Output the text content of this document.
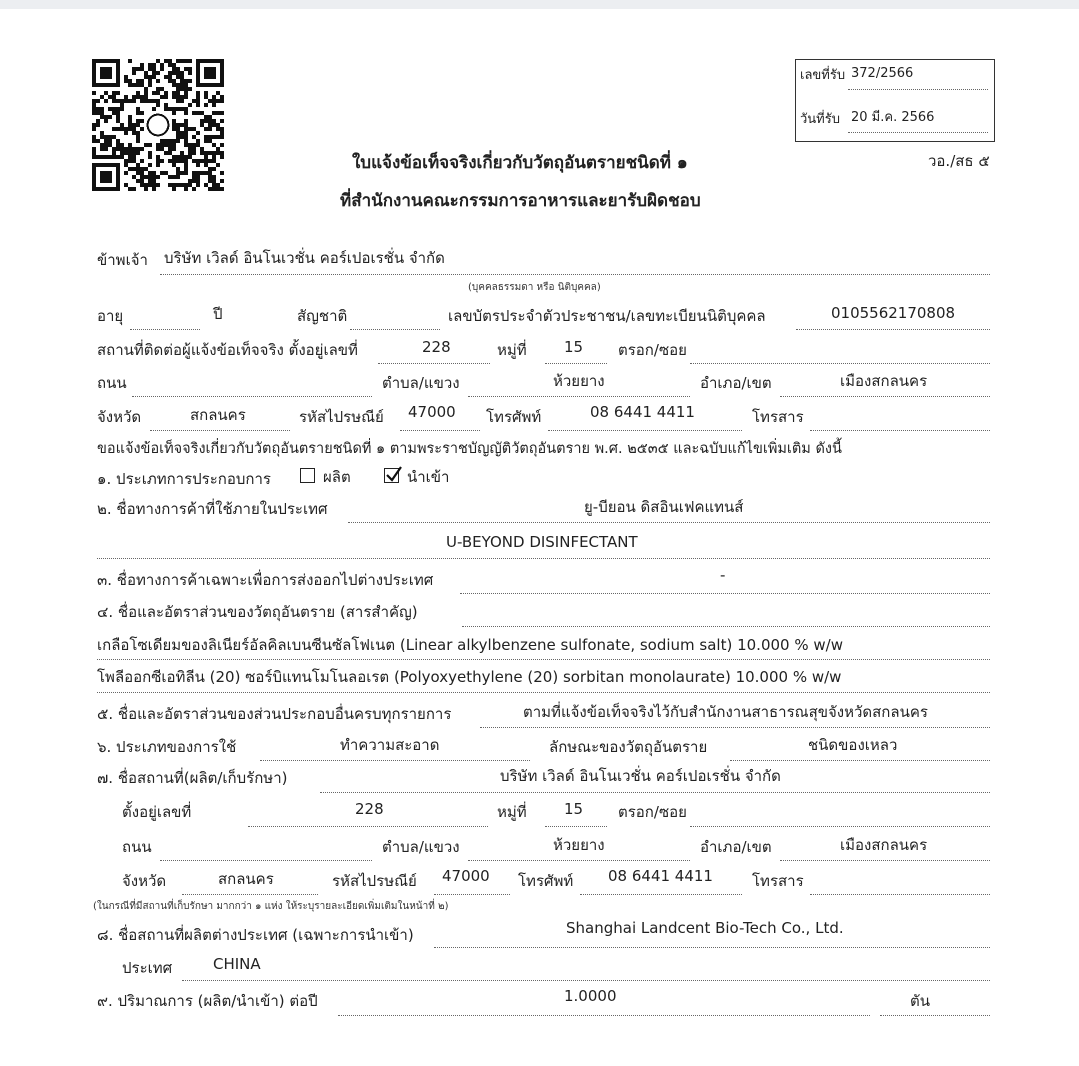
เลขที่รับ 372/2566
วันที่รับ 20 มี.ค. 2566
วอ./สธ ๕
ใบแจ้งข้อเท็จจริงเกี่ยวกับวัตถุอันตรายชนิดที่ ๑
ที่สำนักงานคณะกรรมการอาหารและยารับผิดชอบ
ข้าพเจ้า บริษัท เวิลด์ อินโนเวชั่น คอร์เปอเรชั่น จำกัด
(บุคคลธรรมดา หรือ นิติบุคคล)
อายุ	ปี	สัญชาติ	เลขบัตรประจำตัวประชาชน/เลขทะเบียนนิติบุคคล	0105562170808
สถานที่ติดต่อผู้แจ้งข้อเท็จจริง ตั้งอยู่เลขที่	228	หมู่ที่ 15 ตรอก/ซอย
ถนน	ตำบล/แขวง	ห้วยยาง	อำเภอ/เขต	เมืองสกลนคร
จังหวัด	สกลนคร	รหัสไปรษณีย์ 47000 โทรศัพท์	08 6441 4411	โทรสาร
ขอแจ้งข้อเท็จจริงเกี่ยวกับวัตถุอันตรายชนิดที่ ๑ ตามพระราชบัญญัติวัตถุอันตราย พ.ศ. ๒๕๓๕ และฉบับแก้ไขเพิ่มเติม ดังนี้
๑. ประเภทการประกอบการ	ผลิต	นำเข้า
๒. ชื่อทางการค้าที่ใช้ภายในประเทศ	ยู-บียอน ดิสอินเฟคแทนส์
U-BEYOND DISINFECTANT
๓. ชื่อทางการค้าเฉพาะเพื่อการส่งออกไปต่างประเทศ	-
๔. ชื่อและอัตราส่วนของวัตถุอันตราย (สารสำคัญ)
เกลือโซเดียมของลิเนียร์อัลคิลเบนซีนซัลโฟเนต (Linear alkylbenzene sulfonate, sodium salt) 10.000 % w/w
โพลีออกซีเอทิลีน (20) ซอร์บิแทนโมโนลอเรต (Polyoxyethylene (20) sorbitan monolaurate) 10.000 % w/w
๕. ชื่อและอัตราส่วนของส่วนประกอบอื่นครบทุกรายการ	ตามที่แจ้งข้อเท็จจริงไว้กับสำนักงานสาธารณสุขจังหวัดสกลนคร
๖. ประเภทของการใช้	ทำความสะอาด	ลักษณะของวัตถุอันตราย	ชนิดของเหลว
๗. ชื่อสถานที่(ผลิต/เก็บรักษา)	บริษัท เวิลด์ อินโนเวชั่น คอร์เปอเรชั่น จำกัด
ตั้งอยู่เลขที่	228	หมู่ที่ 15 ตรอก/ซอย
ถนน	ตำบล/แขวง	ห้วยยาง	อำเภอ/เขต	เมืองสกลนคร
จังหวัด	สกลนคร	รหัสไปรษณีย์ 47000 โทรศัพท์ 08 6441 4411	โทรสาร
(ในกรณีที่มีสถานที่เก็บรักษา มากกว่า ๑ แห่ง ให้ระบุรายละเอียดเพิ่มเติมในหน้าที่ ๒)
๘. ชื่อสถานที่ผลิตต่างประเทศ (เฉพาะการนำเข้า)	Shanghai Landcent Bio-Tech Co., Ltd.
ประเทศ	CHINA
๙. ปริมาณการ (ผลิต/นำเข้า) ต่อปี	1.0000	ตัน
